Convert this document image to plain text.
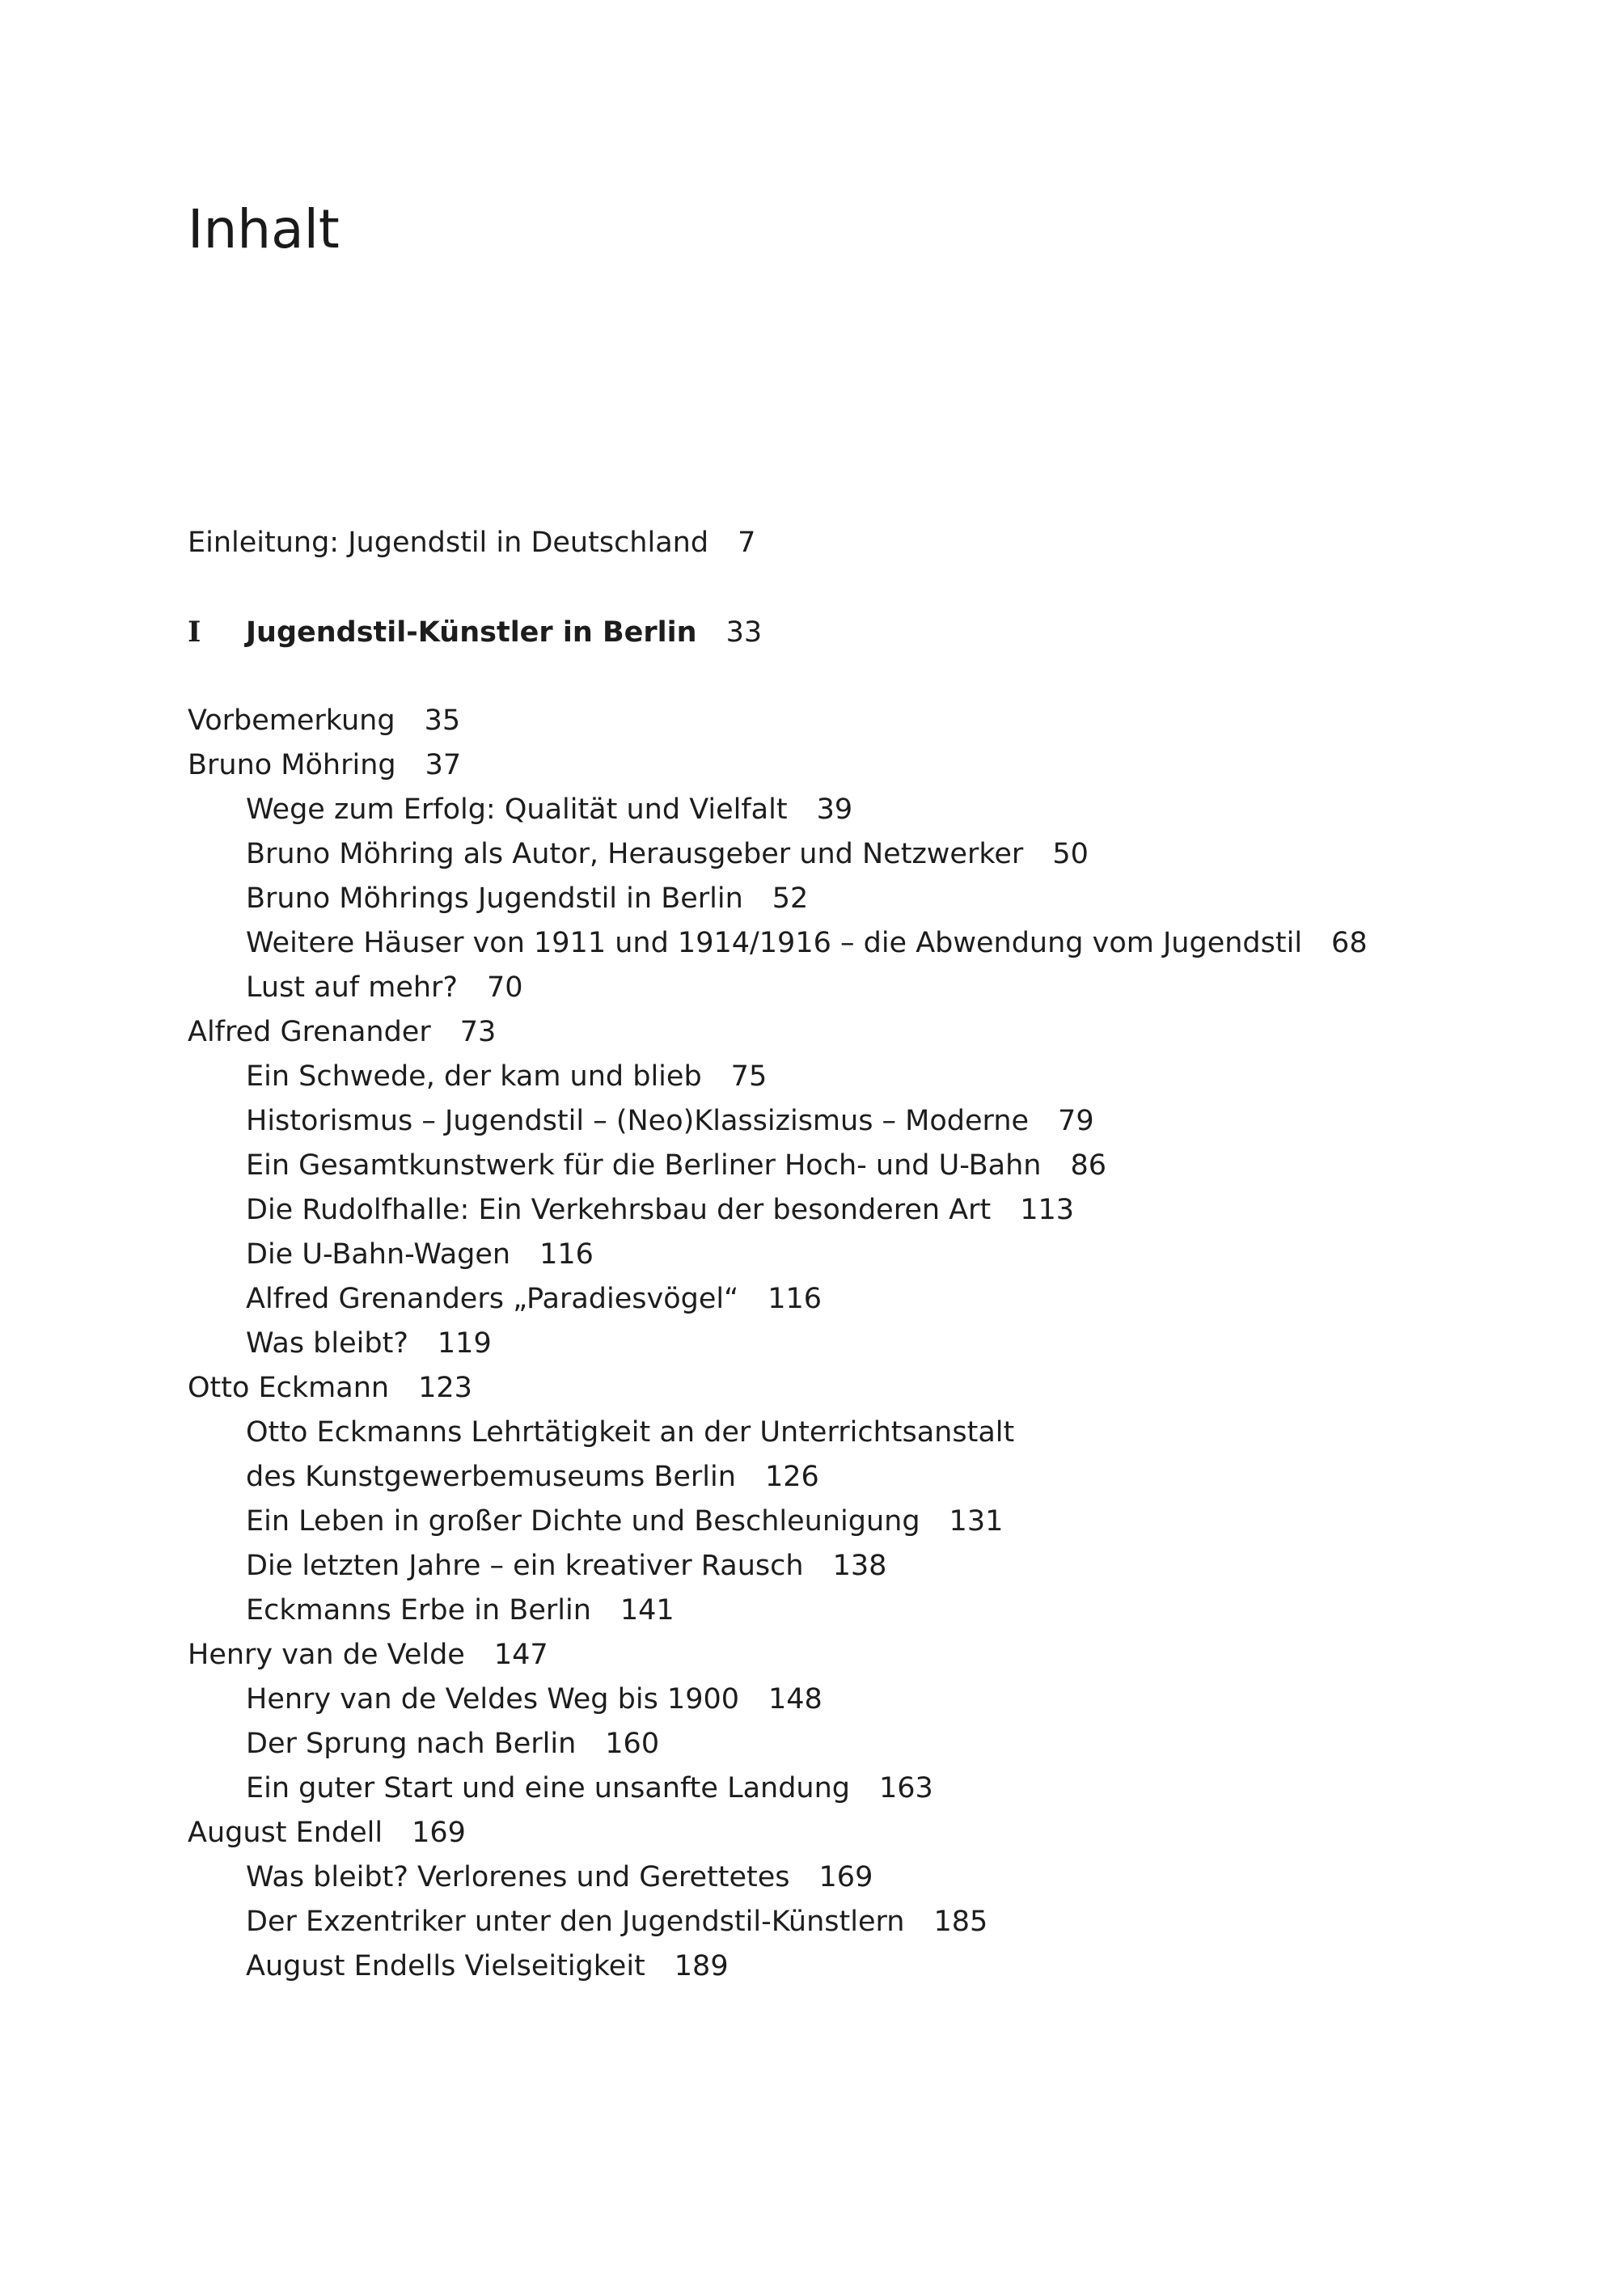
Inhalt
Einleitung: Jugendstil in Deutschland 7
I Jugendstil-Künstler in Berlin 33
Vorbemerkung 35
Bruno Möhring 37
Wege zum Erfolg: Qualität und Vielfalt 39
Bruno Möhring als Autor, Herausgeber und Netzwerker 50
Bruno Möhrings Jugendstil in Berlin 52
Weitere Häuser von 1911 und 1914/1916 – die Abwendung vom Jugendstil 68
Lust auf mehr? 70
Alfred Grenander 73
Ein Schwede, der kam und blieb 75
Historismus – Jugendstil – (Neo)Klassizismus – Moderne 79
Ein Gesamtkunstwerk für die Berliner Hoch- und U-Bahn 86
Die Rudolfhalle: Ein Verkehrsbau der besonderen Art 113
Die U-Bahn-Wagen 116
Alfred Grenanders „Paradiesvögel“ 116
Was bleibt? 119
Otto Eckmann 123
Otto Eckmanns Lehrtätigkeit an der Unterrichtsanstalt
des Kunstgewerbemuseums Berlin 126
Ein Leben in großer Dichte und Beschleunigung 131
Die letzten Jahre – ein kreativer Rausch 138
Eckmanns Erbe in Berlin 141
Henry van de Velde 147
Henry van de Veldes Weg bis 1900 148
Der Sprung nach Berlin 160
Ein guter Start und eine unsanfte Landung 163
August Endell 169
Was bleibt? Verlorenes und Gerettetes 169
Der Exzentriker unter den Jugendstil-Künstlern 185
August Endells Vielseitigkeit 189
